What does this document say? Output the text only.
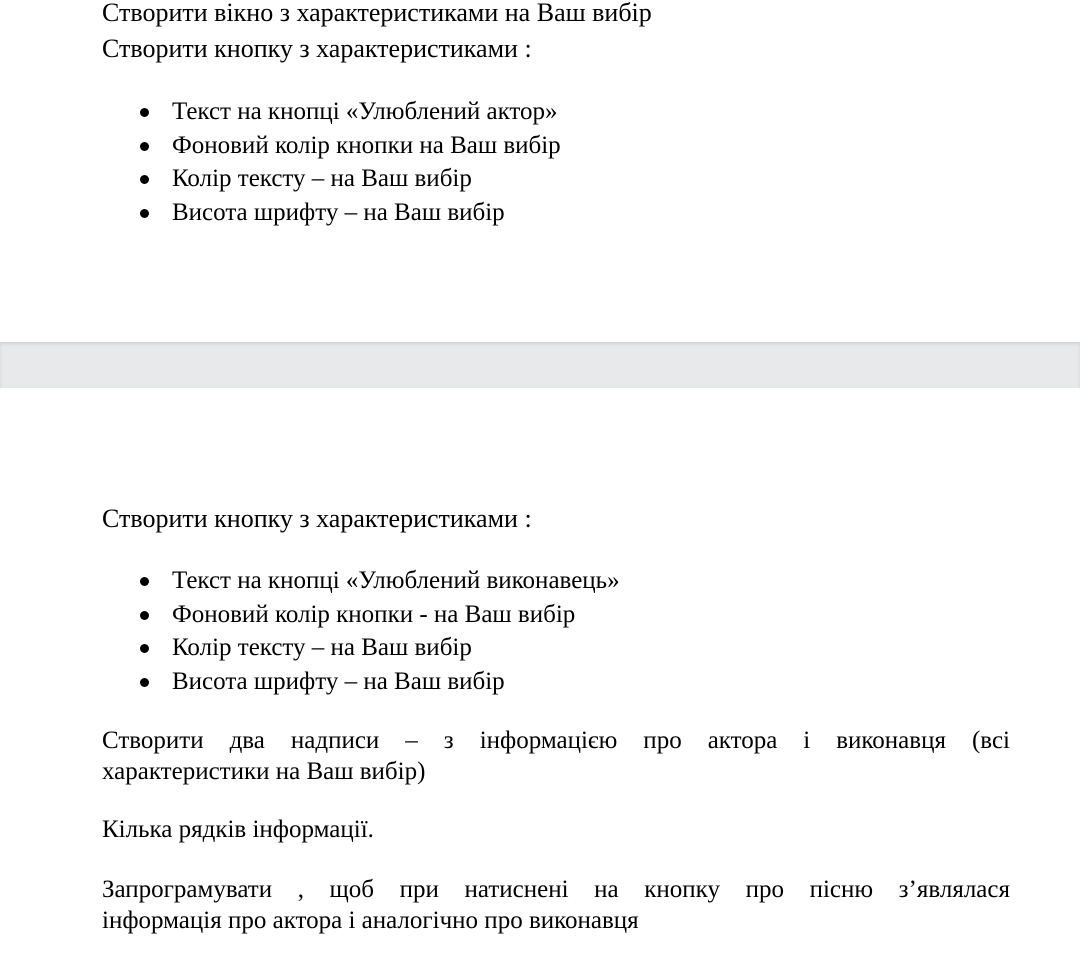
Створити вікно з характеристиками на Ваш вибір

Створити кнопку з характеристиками :

Текст на кнопці «Улюблений актор»
Фоновий колір кнопки на Ваш вибір
Колір тексту – на Ваш вибір
Висота шрифту – на Ваш вибір

Створити кнопку з характеристиками :

Текст на кнопці «Улюблений виконавець»
Фоновий колір кнопки - на Ваш вибір
Колір тексту – на Ваш вибір
Висота шрифту – на Ваш вибір
Створити два надписи – з інформацією про актора і виконавця (всі
характеристики на Ваш вибір)

Кілька рядків інформації.

Запрограмувати , щоб при натиснені на кнопку про пісню з’являлася
інформація про актора і аналогічно про виконавця
